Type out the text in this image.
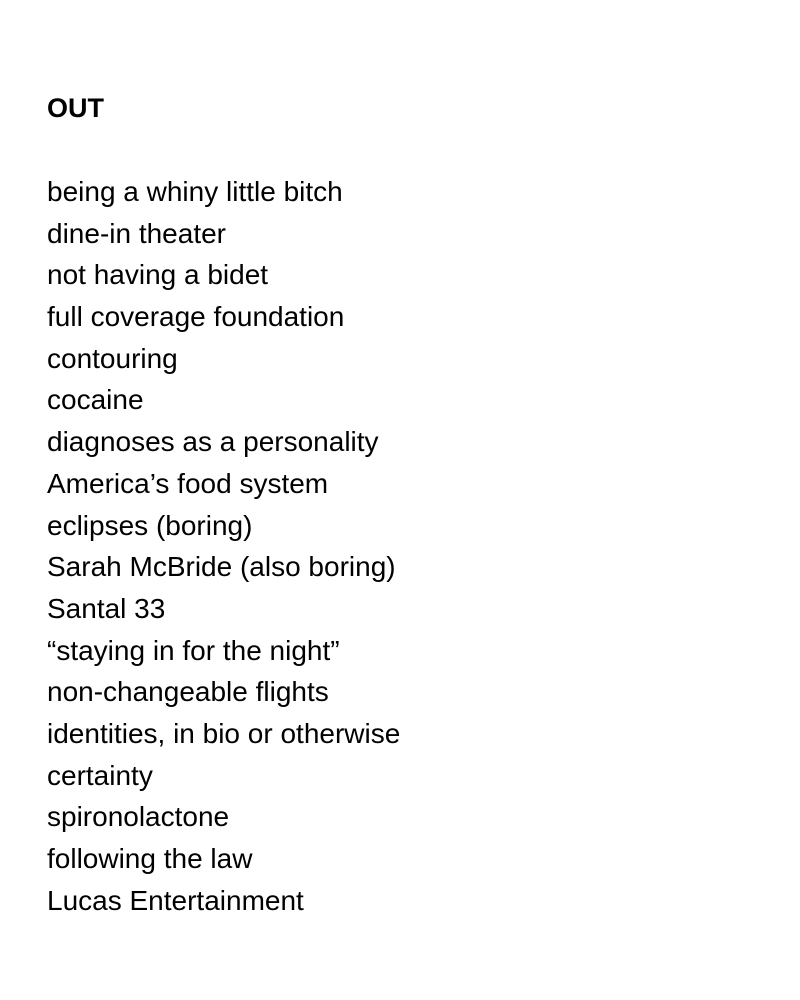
OUT
being a whiny little bitch
dine-in theater
not having a bidet
full coverage foundation
contouring
cocaine
diagnoses as a personality
America’s food system
eclipses (boring)
Sarah McBride (also boring)
Santal 33
“staying in for the night”
non-changeable flights
identities, in bio or otherwise
certainty
spironolactone
following the law
Lucas Entertainment
